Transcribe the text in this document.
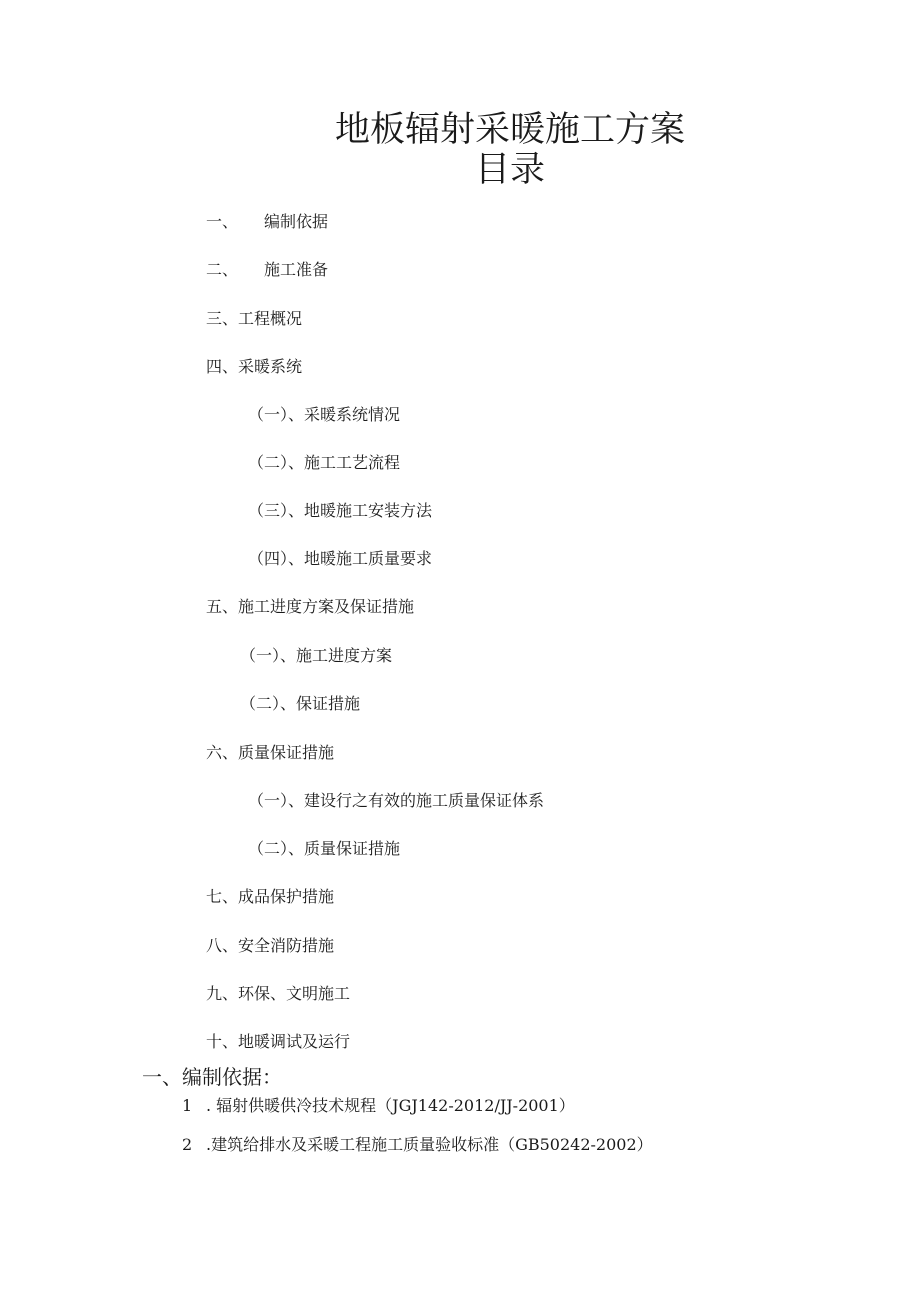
地板辐射采暖施工方案
目录
一、 编制依据
二、 施工准备
三、工程概况
四、采暖系统
（一）、采暖系统情况
（二）、施工工艺流程
（三）、地暖施工安装方法
（四）、地暖施工质量要求
五、施工进度方案及保证措施
（一）、施工进度方案
（二）、保证措施
六、质量保证措施
（一）、建设行之有效的施工质量保证体系
（二）、质量保证措施
七、成品保护措施
八、安全消防措施
九、环保、文明施工
十、地暖调试及运行
一、编制依据：
1 . 辐射供暖供冷技术规程（JGJ142-2012/JJ-2001）
2 .建筑给排水及采暖工程施工质量验收标准（GB50242-2002）
